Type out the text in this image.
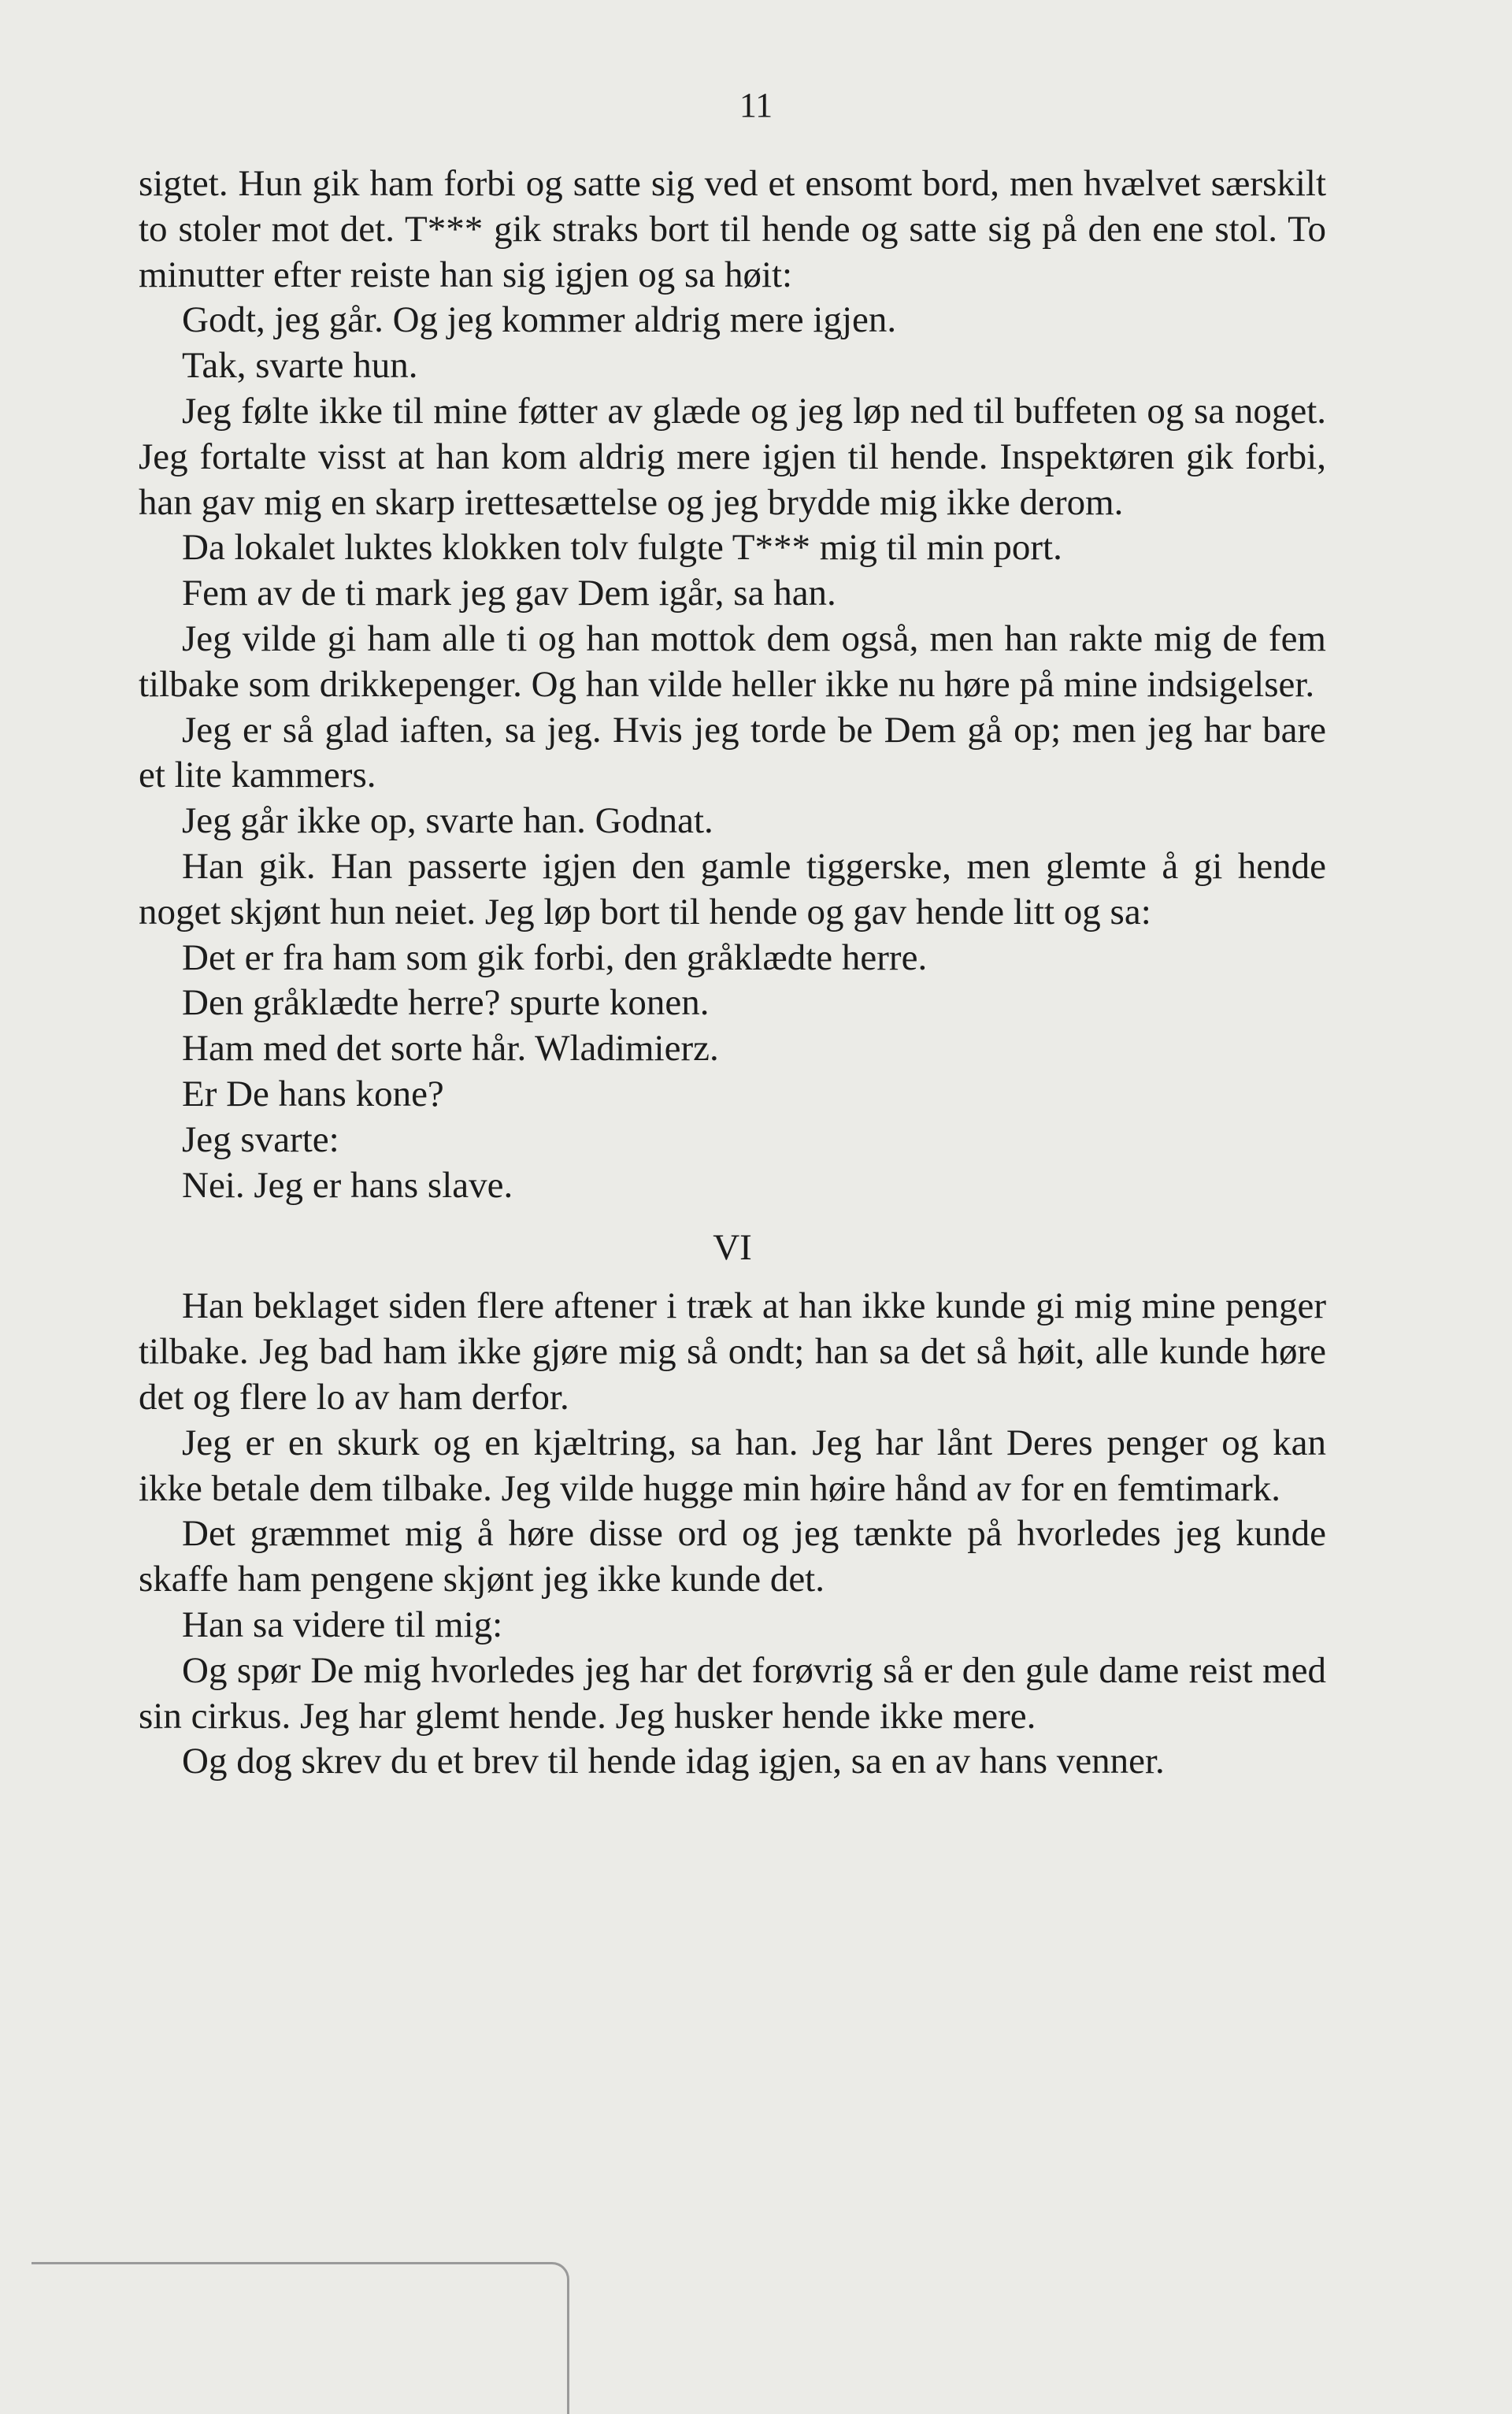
11

sigtet. Hun gik ham forbi og satte sig ved et ensomt bord, men hvælvet særskilt to stoler mot det. T*** gik straks bort til hende og satte sig på den ene stol. To minutter efter reiste han sig igjen og sa høit:

Godt, jeg går. Og jeg kommer aldrig mere igjen.

Tak, svarte hun.

Jeg følte ikke til mine føtter av glæde og jeg løp ned til buffeten og sa noget. Jeg fortalte visst at han kom aldrig mere igjen til hende. Inspektøren gik forbi, han gav mig en skarp irettesættelse og jeg brydde mig ikke derom.

Da lokalet luktes klokken tolv fulgte T*** mig til min port.

Fem av de ti mark jeg gav Dem igår, sa han.

Jeg vilde gi ham alle ti og han mottok dem også, men han rakte mig de fem tilbake som drikkepenger. Og han vilde heller ikke nu høre på mine indsigelser.

Jeg er så glad iaften, sa jeg. Hvis jeg torde be Dem gå op; men jeg har bare et lite kammers.

Jeg går ikke op, svarte han. Godnat.

Han gik. Han passerte igjen den gamle tiggerske, men glemte å gi hende noget skjønt hun neiet. Jeg løp bort til hende og gav hende litt og sa:

Det er fra ham som gik forbi, den gråklædte herre.

Den gråklædte herre? spurte konen.

Ham med det sorte hår. Wladimierz.

Er De hans kone?

Jeg svarte:

Nei. Jeg er hans slave.

VI

Han beklaget siden flere aftener i træk at han ikke kunde gi mig mine penger tilbake. Jeg bad ham ikke gjøre mig så ondt; han sa det så høit, alle kunde høre det og flere lo av ham derfor.

Jeg er en skurk og en kjæltring, sa han. Jeg har lånt Deres penger og kan ikke betale dem tilbake. Jeg vilde hugge min høire hånd av for en femtimark.

Det græmmet mig å høre disse ord og jeg tænkte på hvorledes jeg kunde skaffe ham pengene skjønt jeg ikke kunde det.

Han sa videre til mig:

Og spør De mig hvorledes jeg har det forøvrig så er den gule dame reist med sin cirkus. Jeg har glemt hende. Jeg husker hende ikke mere.

Og dog skrev du et brev til hende idag igjen, sa en av hans venner.
